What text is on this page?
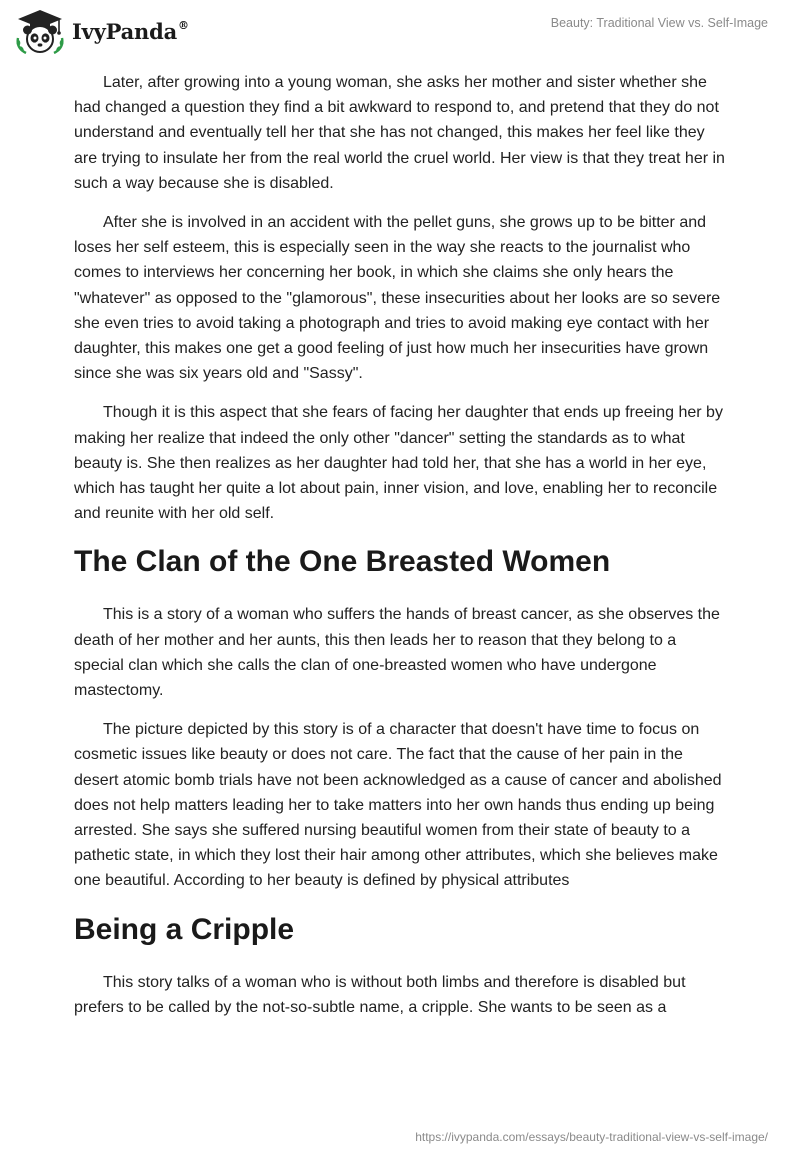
IvyPanda®	Beauty: Traditional View vs. Self-Image

Later, after growing into a young woman, she asks her mother and sister whether she had changed a question they find a bit awkward to respond to, and pretend that they do not understand and eventually tell her that she has not changed, this makes her feel like they are trying to insulate her from the real world the cruel world. Her view is that they treat her in such a way because she is disabled.

After she is involved in an accident with the pellet guns, she grows up to be bitter and loses her self esteem, this is especially seen in the way she reacts to the journalist who comes to interviews her concerning her book, in which she claims she only hears the "whatever" as opposed to the "glamorous", these insecurities about her looks are so severe she even tries to avoid taking a photograph and tries to avoid making eye contact with her daughter, this makes one get a good feeling of just how much her insecurities have grown since she was six years old and "Sassy".

Though it is this aspect that she fears of facing her daughter that ends up freeing her by making her realize that indeed the only other "dancer" setting the standards as to what beauty is. She then realizes as her daughter had told her, that she has a world in her eye, which has taught her quite a lot about pain, inner vision, and love, enabling her to reconcile and reunite with her old self.

The Clan of the One Breasted Women

This is a story of a woman who suffers the hands of breast cancer, as she observes the death of her mother and her aunts, this then leads her to reason that they belong to a special clan which she calls the clan of one-breasted women who have undergone mastectomy.

The picture depicted by this story is of a character that doesn't have time to focus on cosmetic issues like beauty or does not care. The fact that the cause of her pain in the desert atomic bomb trials have not been acknowledged as a cause of cancer and abolished does not help matters leading her to take matters into her own hands thus ending up being arrested. She says she suffered nursing beautiful women from their state of beauty to a pathetic state, in which they lost their hair among other attributes, which she believes make one beautiful. According to her beauty is defined by physical attributes

Being a Cripple

This story talks of a woman who is without both limbs and therefore is disabled but prefers to be called by the not-so-subtle name, a cripple. She wants to be seen as a

https://ivypanda.com/essays/beauty-traditional-view-vs-self-image/
